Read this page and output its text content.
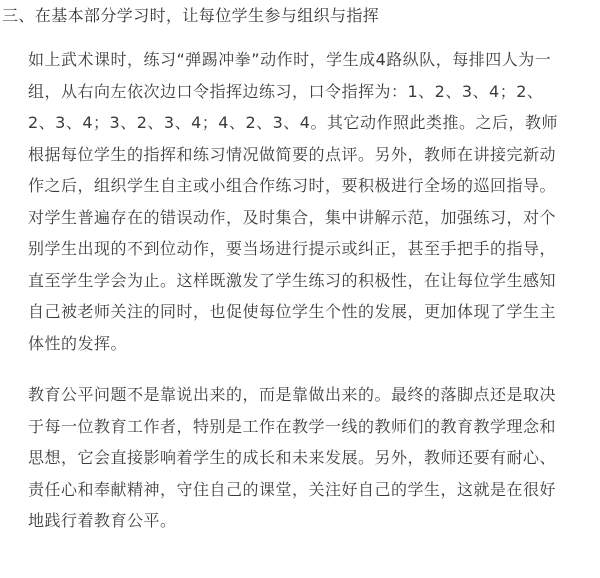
三、在基本部分学习时，让每位学生参与组织与指挥

如上武术课时，练习“弹踢冲拳”动作时，学生成4路纵队，每排四人为一
组，从右向左依次边口令指挥边练习，口令指挥为：1、2、3、4；2、
2、3、4；3、2、3、4；4、2、3、4。其它动作照此类推。之后，教师
根据每位学生的指挥和练习情况做简要的点评。另外，教师在讲接完新动
作之后，组织学生自主或小组合作练习时，要积极进行全场的巡回指导。
对学生普遍存在的错误动作，及时集合，集中讲解示范，加强练习，对个
别学生出现的不到位动作，要当场进行提示或纠正，甚至手把手的指导，
直至学生学会为止。这样既激发了学生练习的积极性，在让每位学生感知
自己被老师关注的同时，也促使每位学生个性的发展，更加体现了学生主
体性的发挥。

教育公平问题不是靠说出来的，而是靠做出来的。最终的落脚点还是取决
于每一位教育工作者，特别是工作在教学一线的教师们的教育教学理念和
思想，它会直接影响着学生的成长和未来发展。另外，教师还要有耐心、
责任心和奉献精神，守住自己的课堂，关注好自己的学生，这就是在很好
地践行着教育公平。
